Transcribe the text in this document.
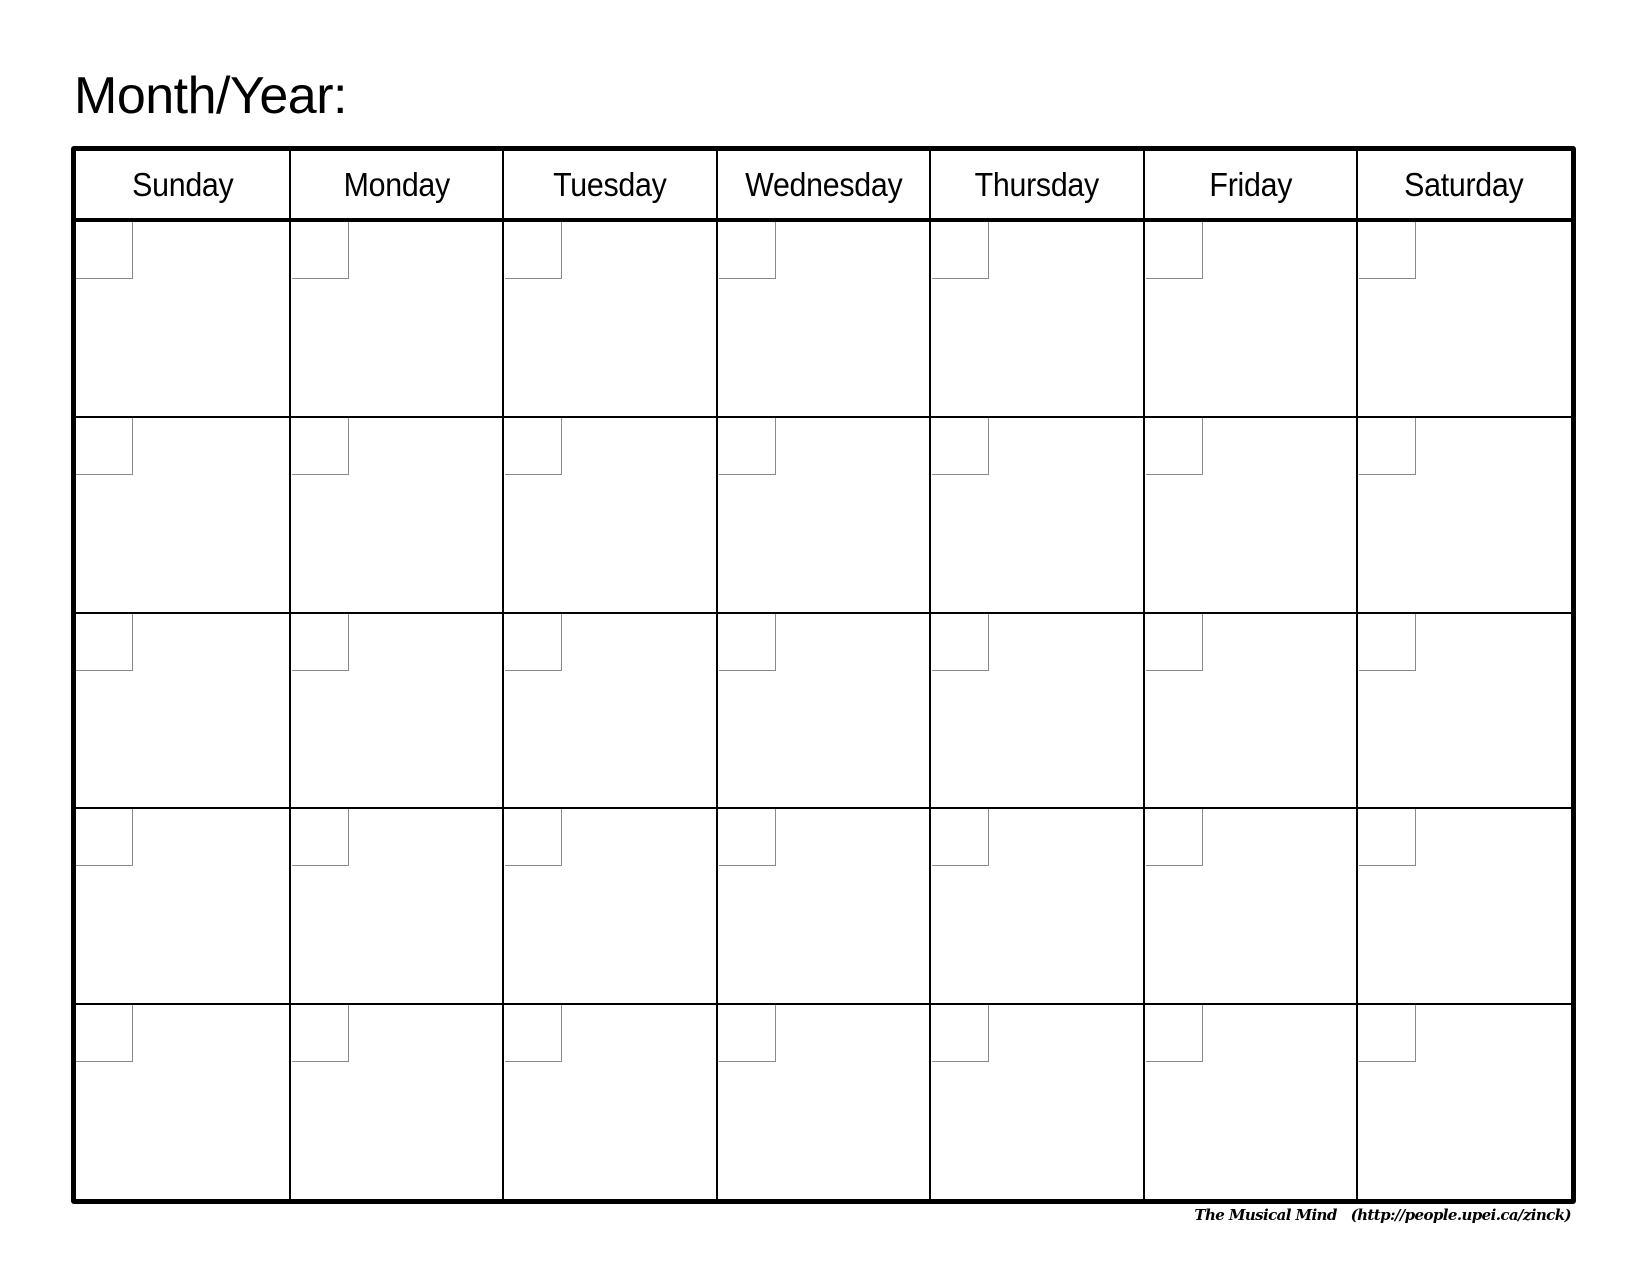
Month/Year:
Sunday	Monday	Tuesday	Wednesday	Thursday	Friday	Saturday
The Musical Mind (http://people.upei.ca/zinck)
